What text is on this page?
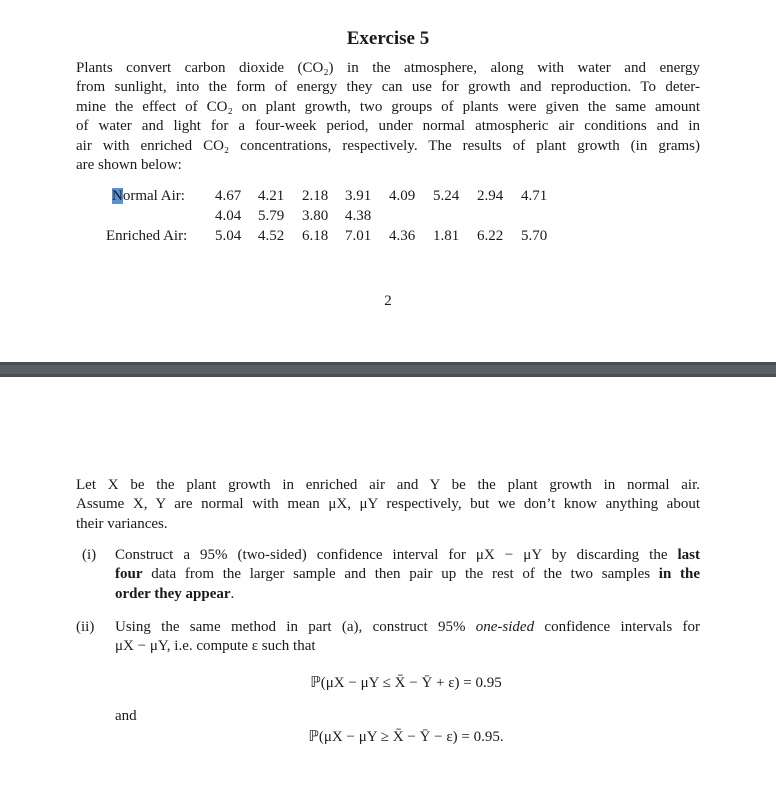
Exercise 5
Plants convert carbon dioxide (CO₂) in the atmosphere, along with water and energy
from sunlight, into the form of energy they can use for growth and reproduction. To deter-
mine the effect of CO₂ on plant growth, two groups of plants were given the same amount
of water and light for a four-week period, under normal atmospheric air conditions and in
air with enriched CO₂ concentrations, respectively. The results of plant growth (in grams)
are shown below:
Normal Air: 4.67 4.21 2.18 3.91 4.09 5.24 2.94 4.71
4.04 5.79 3.80 4.38
Enriched Air: 5.04 4.52 6.18 7.01 4.36 1.81 6.22 5.70
2
Let X be the plant growth in enriched air and Y be the plant growth in normal air.
Assume X, Y are normal with mean μX, μY respectively, but we don’t know anything about
their variances.
(i) Construct a 95% (two-sided) confidence interval for μX − μY by discarding the last
four data from the larger sample and then pair up the rest of the two samples in the
order they appear.
(ii) Using the same method in part (a), construct 95% one-sided confidence intervals for
μX − μY, i.e. compute ε such that
ℙ(μX − μY ≤ X̄ − Ȳ + ε) = 0.95
and
ℙ(μX − μY ≥ X̄ − Ȳ − ε) = 0.95.
